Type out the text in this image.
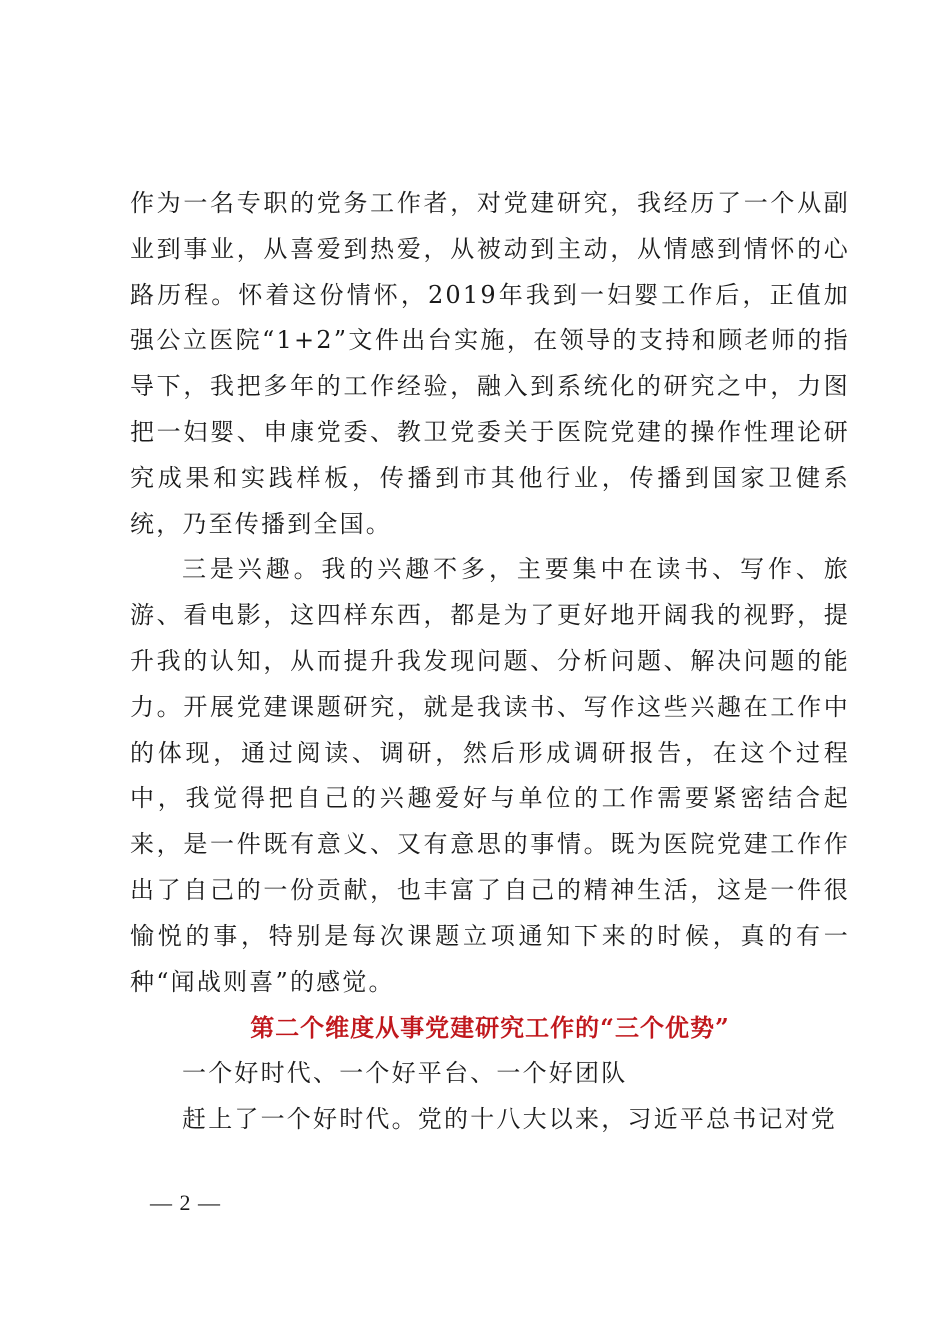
作为一名专职的党务工作者，对党建研究，我经历了一个从副业到事业，从喜爱到热爱，从被动到主动，从情感到情怀的心路历程。怀着这份情怀，2019年我到一妇婴工作后，正值加强公立医院“1+2”文件出台实施，在领导的支持和顾老师的指导下，我把多年的工作经验，融入到系统化的研究之中，力图把一妇婴、申康党委、教卫党委关于医院党建的操作性理论研究成果和实践样板，传播到市其他行业，传播到国家卫健系统，乃至传播到全国。

三是兴趣。我的兴趣不多，主要集中在读书、写作、旅游、看电影，这四样东西，都是为了更好地开阔我的视野，提升我的认知，从而提升我发现问题、分析问题、解决问题的能力。开展党建课题研究，就是我读书、写作这些兴趣在工作中的体现，通过阅读、调研，然后形成调研报告，在这个过程中，我觉得把自己的兴趣爱好与单位的工作需要紧密结合起来，是一件既有意义、又有意思的事情。既为医院党建工作作出了自己的一份贡献，也丰富了自己的精神生活，这是一件很愉悦的事，特别是每次课题立项通知下来的时候，真的有一种“闻战则喜”的感觉。

第二个维度从事党建研究工作的“三个优势”

一个好时代、一个好平台、一个好团队

赶上了一个好时代。党的十八大以来，习近平总书记对党

— 2 —
